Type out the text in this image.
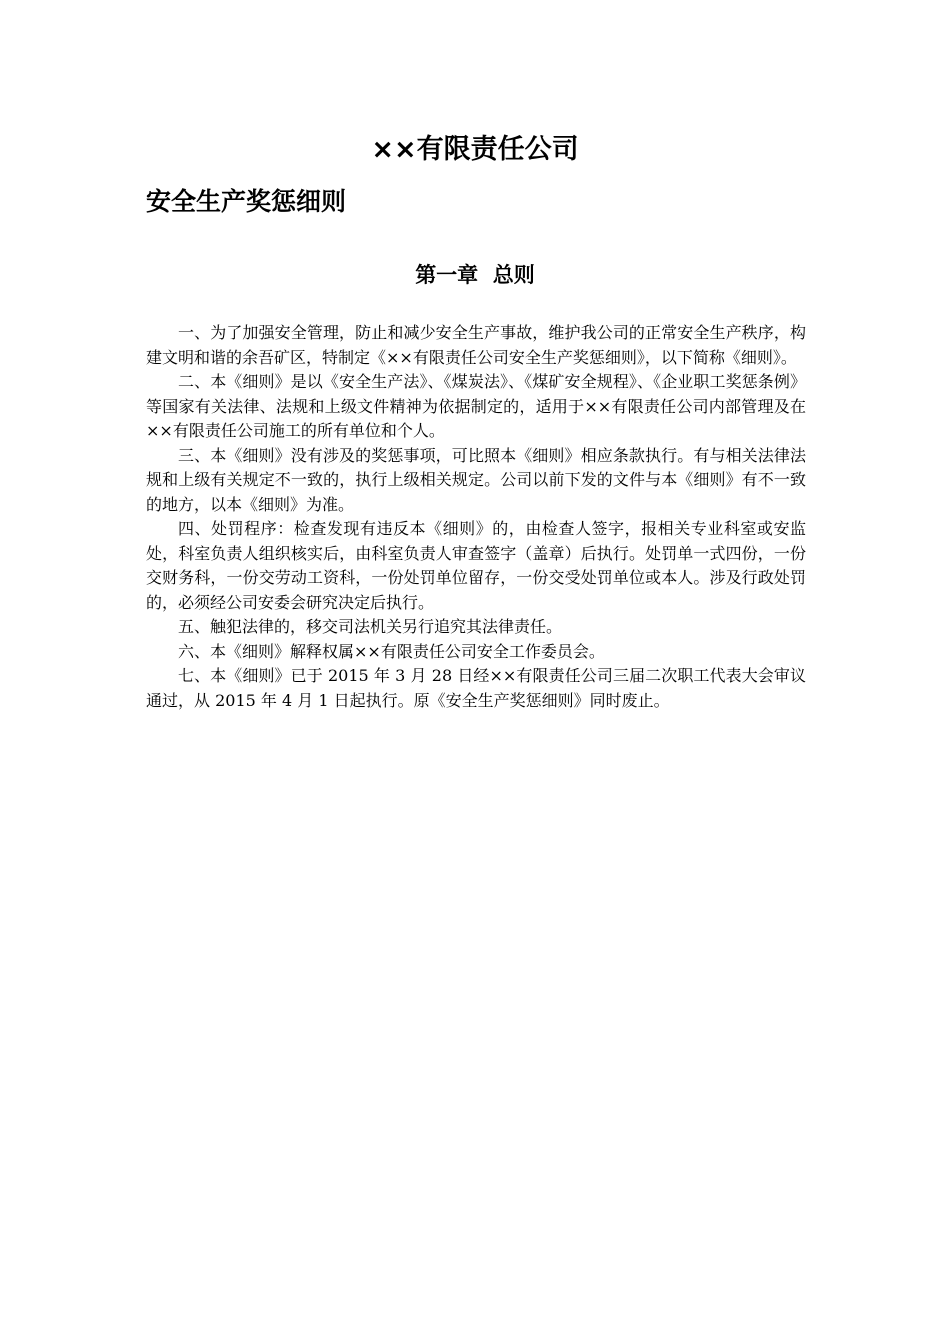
××有限责任公司
安全生产奖惩细则
第一章  总则

一、为了加强安全管理，防止和减少安全生产事故，维护我公司的正常安全生产秩序，构建文明和谐的余吾矿区，特制定《××有限责任公司安全生产奖惩细则》，以下简称《细则》。

二、本《细则》是以《安全生产法》、《煤炭法》、《煤矿安全规程》、《企业职工奖惩条例》等国家有关法律、法规和上级文件精神为依据制定的，适用于××有限责任公司内部管理及在××有限责任公司施工的所有单位和个人。

三、本《细则》没有涉及的奖惩事项，可比照本《细则》相应条款执行。有与相关法律法规和上级有关规定不一致的，执行上级相关规定。公司以前下发的文件与本《细则》有不一致的地方，以本《细则》为准。

四、处罚程序：检查发现有违反本《细则》的，由检查人签字，报相关专业科室或安监处，科室负责人组织核实后，由科室负责人审查签字（盖章）后执行。处罚单一式四份，一份交财务科，一份交劳动工资科，一份处罚单位留存，一份交受处罚单位或本人。涉及行政处罚的，必须经公司安委会研究决定后执行。

五、触犯法律的，移交司法机关另行追究其法律责任。

六、本《细则》解释权属××有限责任公司安全工作委员会。

七、本《细则》已于 2015 年 3 月 28 日经××有限责任公司三届二次职工代表大会审议通过，从 2015 年 4 月 1 日起执行。原《安全生产奖惩细则》同时废止。
